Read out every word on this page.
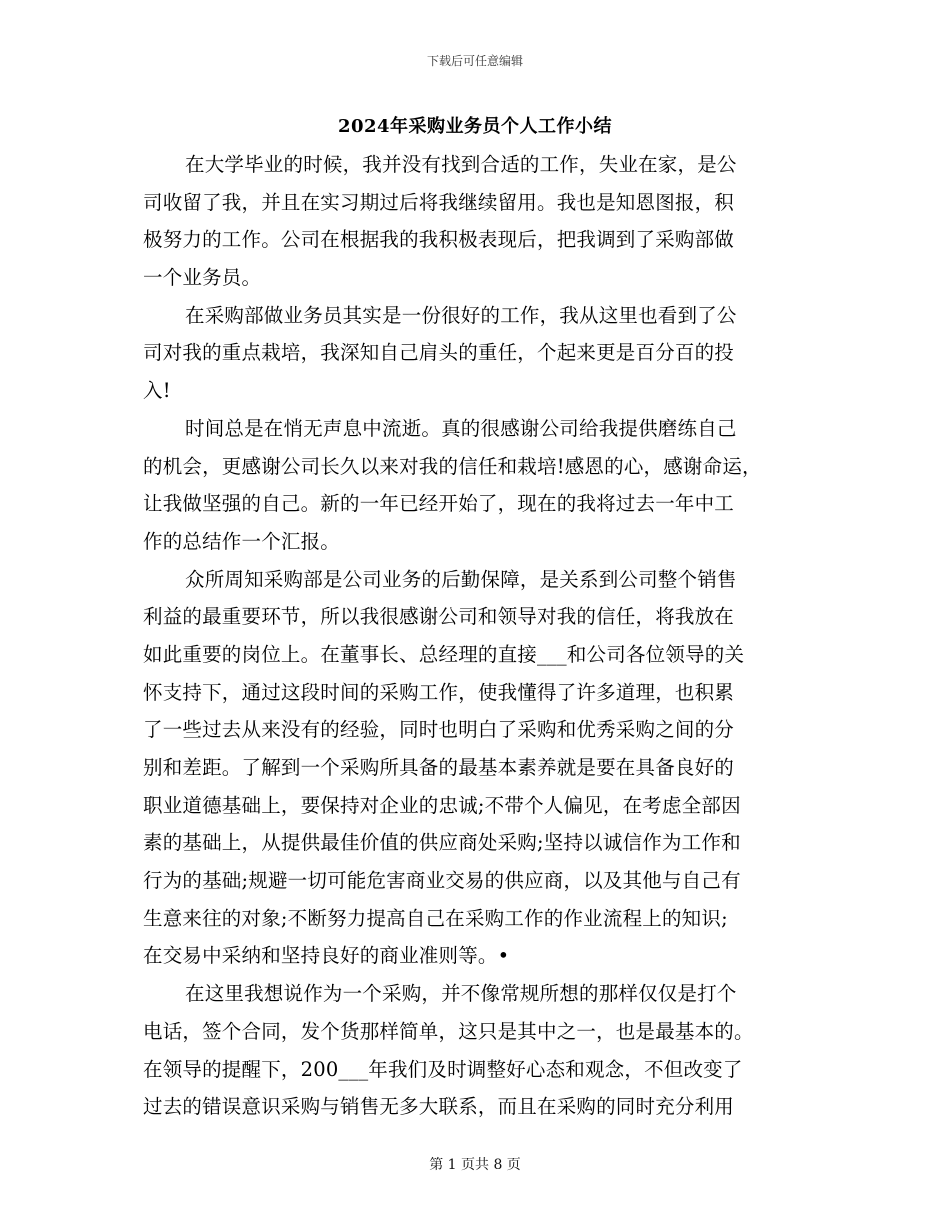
下载后可任意编辑
2024年采购业务员个人工作小结
在大学毕业的时候，我并没有找到合适的工作，失业在家，是公
司收留了我，并且在实习期过后将我继续留用。我也是知恩图报，积
极努力的工作。公司在根据我的我积极表现后，把我调到了采购部做
一个业务员。
在采购部做业务员其实是一份很好的工作，我从这里也看到了公
司对我的重点栽培，我深知自己肩头的重任，个起来更是百分百的投
入!
时间总是在悄无声息中流逝。真的很感谢公司给我提供磨练自己
的机会，更感谢公司长久以来对我的信任和栽培!感恩的心，感谢命运，
让我做坚强的自己。新的一年已经开始了，现在的我将过去一年中工
作的总结作一个汇报。
众所周知采购部是公司业务的后勤保障，是关系到公司整个销售
利益的最重要环节，所以我很感谢公司和领导对我的信任，将我放在
如此重要的岗位上。在董事长、总经理的直接___和公司各位领导的关
怀支持下，通过这段时间的采购工作，使我懂得了许多道理，也积累
了一些过去从来没有的经验，同时也明白了采购和优秀采购之间的分
别和差距。了解到一个采购所具备的最基本素养就是要在具备良好的
职业道德基础上，要保持对企业的忠诚;不带个人偏见，在考虑全部因
素的基础上，从提供最佳价值的供应商处采购;坚持以诚信作为工作和
行为的基础;规避一切可能危害商业交易的供应商，以及其他与自己有
生意来往的对象;不断努力提高自己在采购工作的作业流程上的知识;
在交易中采纳和坚持良好的商业准则等。•
在这里我想说作为一个采购，并不像常规所想的那样仅仅是打个
电话，签个合同，发个货那样简单，这只是其中之一，也是最基本的。
在领导的提醒下，200___年我们及时调整好心态和观念，不但改变了
过去的错误意识采购与销售无多大联系，而且在采购的同时充分利用
第 1 页共 8 页
